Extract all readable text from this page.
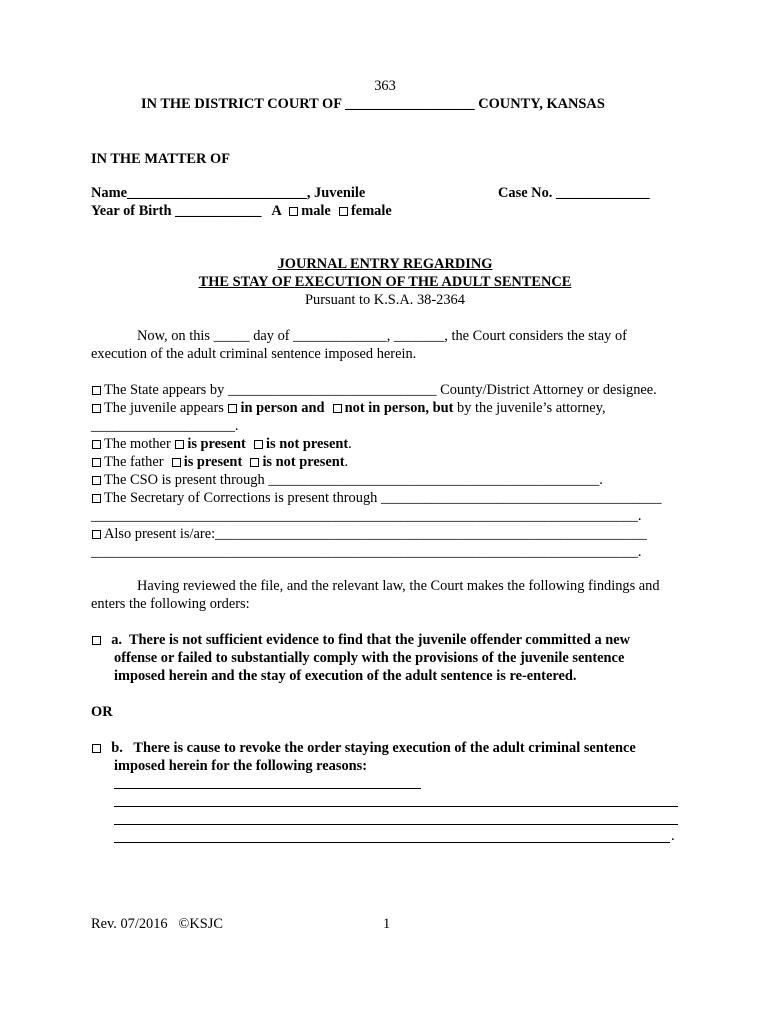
363
IN THE DISTRICT COURT OF __________________ COUNTY, KANSAS
IN THE MATTER OF
Name_________________________, Juvenile	Case No. _____________
Year of Birth ____________ A male female
JOURNAL ENTRY REGARDING
THE STAY OF EXECUTION OF THE ADULT SENTENCE
Pursuant to K.S.A. 38-2364
Now, on this _____ day of _____________, _______, the Court considers the stay of
execution of the adult criminal sentence imposed herein.
The State appears by _____________________________ County/District Attorney or designee.
The juvenile appears in person and not in person, but by the juvenile’s attorney,
____________________.
The mother is present is not present.
The father  is present is not present.
The CSO is present through ______________________________________________.
The Secretary of Corrections is present through _______________________________________
____________________________________________________________________________.
Also present is/are:____________________________________________________________
____________________________________________________________________________.
Having reviewed the file, and the relevant law, the Court makes the following findings and
enters the following orders:
a. There is not sufficient evidence to find that the juvenile offender committed a new
offense or failed to substantially comply with the provisions of the juvenile sentence
imposed herein and the stay of execution of the adult sentence is re-entered.
OR
b. There is cause to revoke the order staying execution of the adult criminal sentence
imposed herein for the following reasons:
.
Rev. 07/2016   ©KSJC	1
